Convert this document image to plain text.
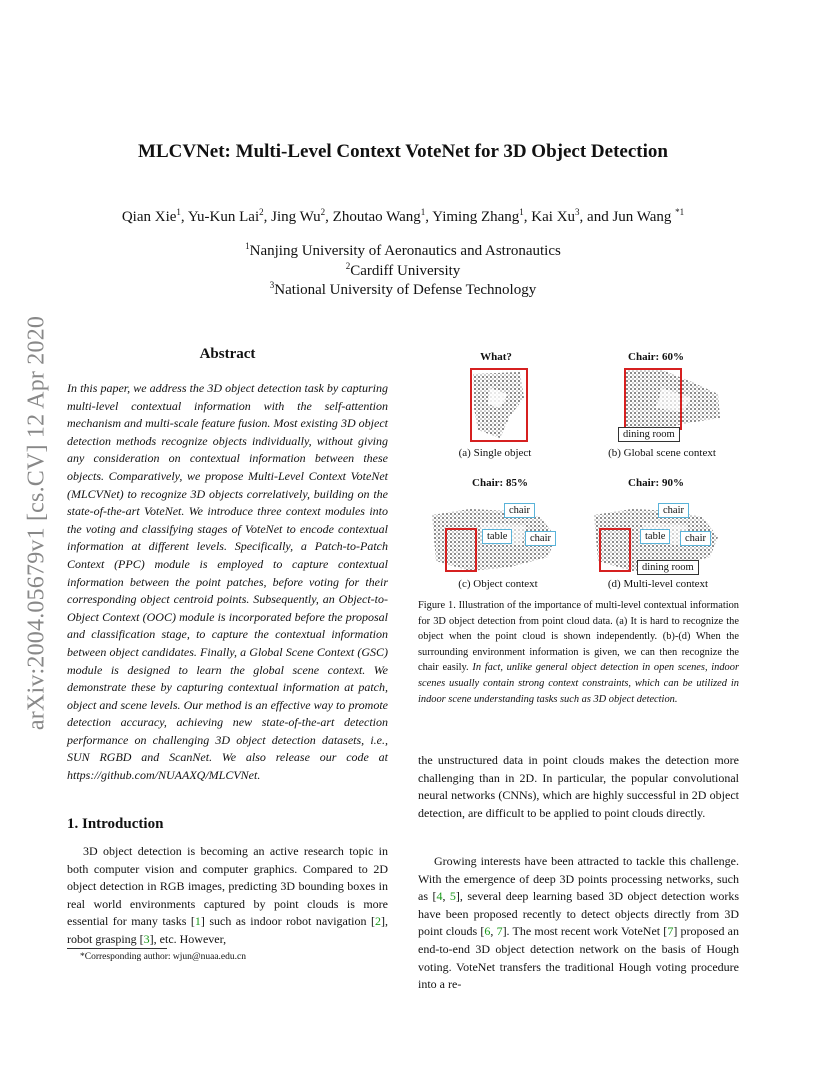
arXiv:2004.05679v1 [cs.CV] 12 Apr 2020
MLCVNet: Multi-Level Context VoteNet for 3D Object Detection
Qian Xie$^1$, Yu-Kun Lai$^2$, Jing Wu$^2$, Zhoutao Wang$^1$, Yiming Zhang$^1$, Kai Xu$^3$, and Jun Wang $^{*1}$
$^1$Nanjing University of Aeronautics and Astronautics
$^2$Cardiff University
$^3$National University of Defense Technology
Abstract

In this paper, we address the 3D object detection task by capturing multi-level contextual information with the self-attention mechanism and multi-scale feature fusion. Most existing 3D object detection methods recognize objects individually, without giving any consideration on contextual information between these objects. Comparatively, we propose Multi-Level Context VoteNet (MLCVNet) to recognize 3D objects correlatively, building on the state-of-the-art VoteNet. We introduce three context modules into the voting and classifying stages of VoteNet to encode contextual information at different levels. Specifically, a Patch-to-Patch Context (PPC) module is employed to capture contextual information between the point patches, before voting for their corresponding object centroid points. Subsequently, an Object-to-Object Context (OOC) module is incorporated before the proposal and classification stage, to capture the contextual information between object candidates. Finally, a Global Scene Context (GSC) module is designed to learn the global scene context. We demonstrate these by capturing contextual information at patch, object and scene levels. Our method is an effective way to promote detection accuracy, achieving new state-of-the-art detection performance on challenging 3D object detection datasets, i.e., SUN RGBD and ScanNet. We also release our code at https://github.com/NUAAXQ/MLCVNet.

1. Introduction

3D object detection is becoming an active research topic in both computer vision and computer graphics. Compared to 2D object detection in RGB images, predicting 3D bounding boxes in real world environments captured by point clouds is more essential for many tasks [1] such as indoor robot navigation [2], robot grasping [3], etc. However,

*Corresponding author: wjun@nuaa.edu.cn
What?	Chair: 60%
Chair: 85%	Chair: 90%
(a) Single object
dining room
(b) Global scene context
chair
table	chair
(c) Object context
chair
table	chair
dining room
(d) Multi-level context
Figure 1. Illustration of the importance of multi-level contextual information for 3D object detection from point cloud data. (a) It is hard to recognize the object when the point cloud is shown independently. (b)-(d) When the surrounding environment information is given, we can then recognize the chair easily. In fact, unlike general object detection in open scenes, indoor scenes usually contain strong context constraints, which can be utilized in indoor scene understanding tasks such as 3D object detection.

the unstructured data in point clouds makes the detection more challenging than in 2D. In particular, the popular convolutional neural networks (CNNs), which are highly successful in 2D object detection, are difficult to be applied to point clouds directly.

Growing interests have been attracted to tackle this challenge. With the emergence of deep 3D points processing networks, such as [4, 5], several deep learning based 3D object detection works have been proposed recently to detect objects directly from 3D point clouds [6, 7]. The most recent work VoteNet [7] proposed an end-to-end 3D object detection network on the basis of Hough voting. VoteNet transfers the traditional Hough voting procedure into a re-
